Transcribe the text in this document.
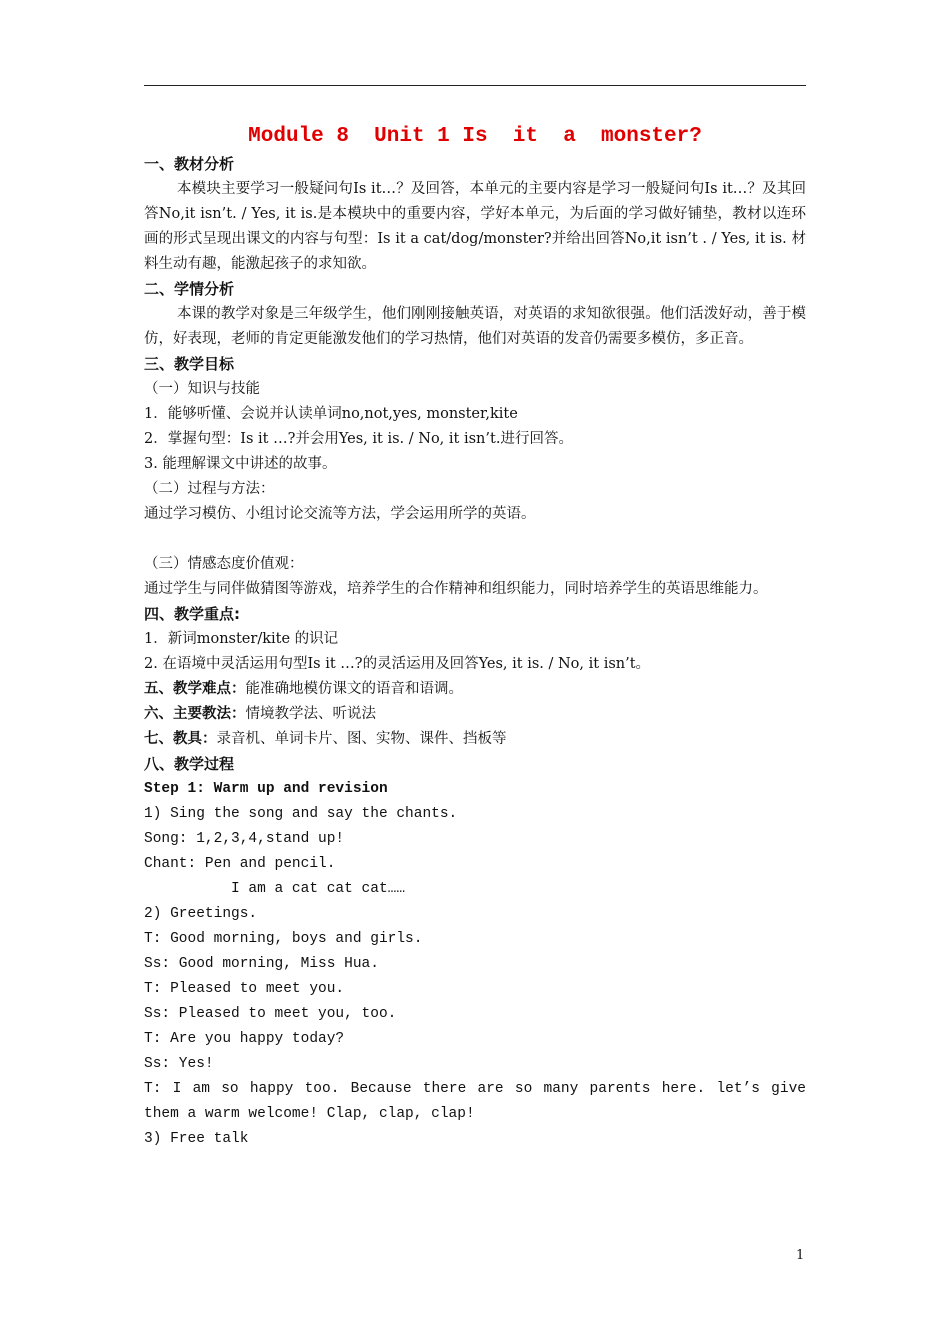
Module 8  Unit 1 Is  it  a  monster?
一、教材分析
本模块主要学习一般疑问句Is it…？及回答，本单元的主要内容是学习一般疑问句Is it…？及其回答No,it isn’t. / Yes, it is.是本模块中的重要内容，学好本单元，为后面的学习做好铺垫，教材以连环画的形式呈现出课文的内容与句型：Is it a cat/dog/monster?并给出回答No,it isn’t . / Yes, it is. 材料生动有趣，能激起孩子的求知欲。
二、学情分析
本课的教学对象是三年级学生，他们刚刚接触英语，对英语的求知欲很强。他们活泼好动，善于模仿，好表现，老师的肯定更能激发他们的学习热情，他们对英语的发音仍需要多模仿，多正音。
三、教学目标
（一）知识与技能
1．能够听懂、会说并认读单词no,not,yes, monster,kite
2．掌握句型：Is it …?并会用Yes, it is. / No, it isn’t.进行回答。
3. 能理解课文中讲述的故事。
（二）过程与方法：
通过学习模仿、小组讨论交流等方法，学会运用所学的英语。
（三）情感态度价值观：
通过学生与同伴做猜图等游戏，培养学生的合作精神和组织能力，同时培养学生的英语思维能力。
四、教学重点:
1．新词monster/kite 的识记
2. 在语境中灵活运用句型Is it …?的灵活运用及回答Yes, it is. / No, it isn’t。
五、教学难点：能准确地模仿课文的语音和语调。
六、主要教法：情境教学法、听说法
七、教具：录音机、单词卡片、图、实物、课件、挡板等
八、教学过程
Step 1: Warm up and revision
1) Sing the song and say the chants.
Song: 1,2,3,4,stand up!
Chant: Pen and pencil.
I am a cat cat cat……
2) Greetings.
T: Good morning, boys and girls.
Ss: Good morning, Miss Hua.
T: Pleased to meet you.
Ss: Pleased to meet you, too.
T: Are you happy today?
Ss: Yes!
T: I am so happy too. Because there are so many parents here. let’s give them a warm welcome! Clap, clap, clap!
3) Free talk
1
